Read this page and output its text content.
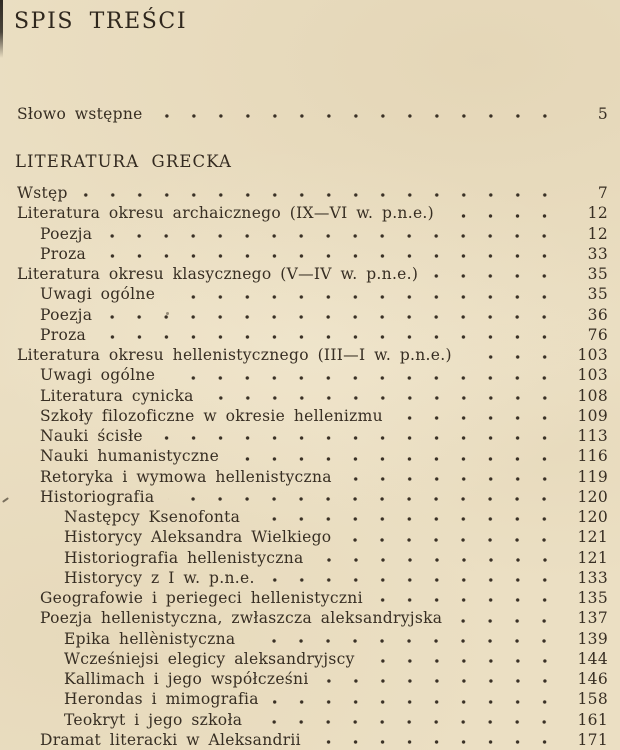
SPIS TREŚCI
Słowo wstępne	5
LITERATURA GRECKA
Wstęp	7
Literatura okresu archaicznego (IX—VI w. p.n.e.)	12
Poezja	12
Proza	33
Literatura okresu klasycznego (V—IV w. p.n.e.)	35
Uwagi ogólne	35
Poezja	36
Proza	76
Literatura okresu hellenistycznego (III—I w. p.n.e.)	103
Uwagi ogólne	103
Literatura cynicka	108
Szkoły filozoficzne w okresie hellenizmu	109
Nauki ścisłe	113
Nauki humanistyczne	116
Retoryka i wymowa hellenistyczna	119
Historiografia	120
Następcy Ksenofonta	120
Historycy Aleksandra Wielkiego	121
Historiografia hellenistyczna	121
Historycy z I w. p.n.e.	133
Geografowie i periegeci hellenistyczni	135
Poezja hellenistyczna, zwłaszcza aleksandryjska	137
Epika hellènistyczna	139
Wcześniejsi elegicy aleksandryjscy	144
Kallimach i jego współcześni	146
Herondas i mimografia	158
Teokryt i jego szkoła	161
Dramat literacki w Aleksandrii	171
